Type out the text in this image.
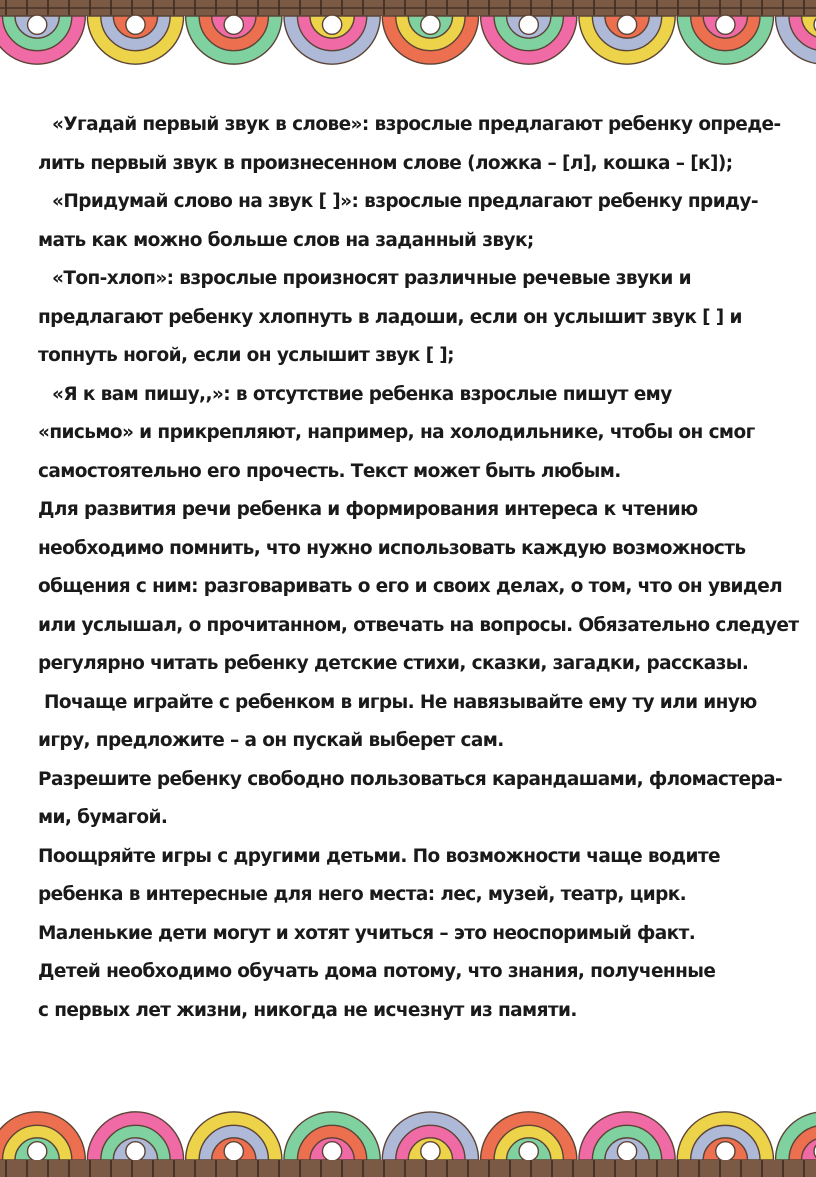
«Угадай первый звук в слове»: взрослые предлагают ребенку опреде-
лить первый звук в произнесенном слове (ложка – [л], кошка – [к]);
«Придумай слово на звук [ ]»: взрослые предлагают ребенку приду-
мать как можно больше слов на заданный звук;
«Топ-хлоп»: взрослые произносят различные речевые звуки и
предлагают ребенку хлопнуть в ладоши, если он услышит звук [ ] и
топнуть ногой, если он услышит звук [ ];
«Я к вам пишу,,»: в отсутствие ребенка взрослые пишут ему
«письмо» и прикрепляют, например, на холодильнике, чтобы он смог
самостоятельно его прочесть. Текст может быть любым.
Для развития речи ребенка и формирования интереса к чтению
необходимо помнить, что нужно использовать каждую возможность
общения с ним: разговаривать о его и своих делах, о том, что он увидел
или услышал, о прочитанном, отвечать на вопросы. Обязательно следует
регулярно читать ребенку детские стихи, сказки, загадки, рассказы.
Почаще играйте с ребенком в игры. Не навязывайте ему ту или иную
игру, предложите – а он пускай выберет сам.
Разрешите ребенку свободно пользоваться карандашами, фломастера-
ми, бумагой.
Поощряйте игры с другими детьми. По возможности чаще водите
ребенка в интересные для него места: лес, музей, театр, цирк.
Маленькие дети могут и хотят учиться – это неоспоримый факт.
Детей необходимо обучать дома потому, что знания, полученные
с первых лет жизни, никогда не исчезнут из памяти.
